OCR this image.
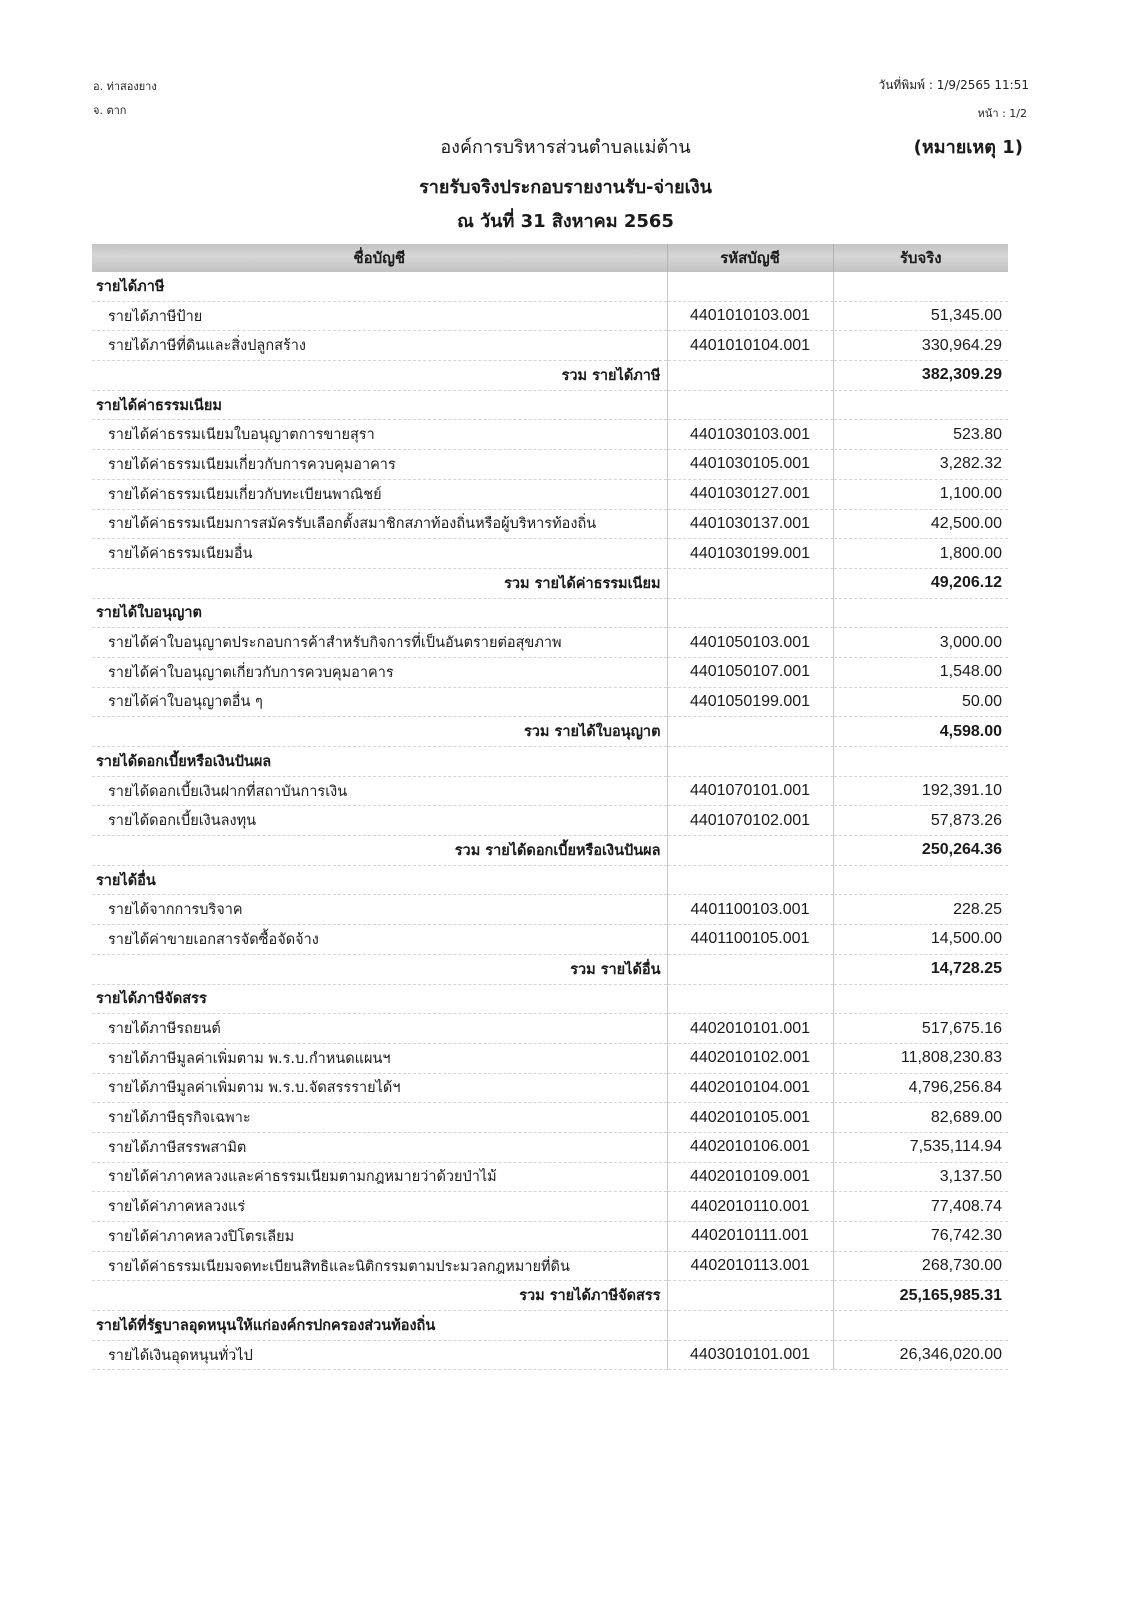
อ. ท่าสองยาง
จ. ตาก
วันที่พิมพ์ : 1/9/2565 11:51
หน้า : 1/2
องค์การบริหารส่วนตำบลแม่ต้าน	(หมายเหตุ 1)
รายรับจริงประกอบรายงานรับ-จ่ายเงิน
ณ วันที่ 31 สิงหาคม 2565
ชื่อบัญชี	รหัสบัญชี	รับจริง
รายได้ภาษี		
รายได้ภาษีป้าย	4401010103.001	51,345.00
รายได้ภาษีที่ดินและสิ่งปลูกสร้าง	4401010104.001	330,964.29
รวม รายได้ภาษี		382,309.29
รายได้ค่าธรรมเนียม		
รายได้ค่าธรรมเนียมใบอนุญาตการขายสุรา	4401030103.001	523.80
รายได้ค่าธรรมเนียมเกี่ยวกับการควบคุมอาคาร	4401030105.001	3,282.32
รายได้ค่าธรรมเนียมเกี่ยวกับทะเบียนพาณิชย์	4401030127.001	1,100.00
รายได้ค่าธรรมเนียมการสมัครรับเลือกตั้งสมาชิกสภาท้องถิ่นหรือผู้บริหารท้องถิ่น	4401030137.001	42,500.00
รายได้ค่าธรรมเนียมอื่น	4401030199.001	1,800.00
รวม รายได้ค่าธรรมเนียม		49,206.12
รายได้ใบอนุญาต		
รายได้ค่าใบอนุญาตประกอบการค้าสำหรับกิจการที่เป็นอันตรายต่อสุขภาพ	4401050103.001	3,000.00
รายได้ค่าใบอนุญาตเกี่ยวกับการควบคุมอาคาร	4401050107.001	1,548.00
รายได้ค่าใบอนุญาตอื่น ๆ	4401050199.001	50.00
รวม รายได้ใบอนุญาต		4,598.00
รายได้ดอกเบี้ยหรือเงินปันผล		
รายได้ดอกเบี้ยเงินฝากที่สถาบันการเงิน	4401070101.001	192,391.10
รายได้ดอกเบี้ยเงินลงทุน	4401070102.001	57,873.26
รวม รายได้ดอกเบี้ยหรือเงินปันผล		250,264.36
รายได้อื่น		
รายได้จากการบริจาค	4401100103.001	228.25
รายได้ค่าขายเอกสารจัดซื้อจัดจ้าง	4401100105.001	14,500.00
รวม รายได้อื่น		14,728.25
รายได้ภาษีจัดสรร		
รายได้ภาษีรถยนต์	4402010101.001	517,675.16
รายได้ภาษีมูลค่าเพิ่มตาม พ.ร.บ.กำหนดแผนฯ	4402010102.001	11,808,230.83
รายได้ภาษีมูลค่าเพิ่มตาม พ.ร.บ.จัดสรรรายได้ฯ	4402010104.001	4,796,256.84
รายได้ภาษีธุรกิจเฉพาะ	4402010105.001	82,689.00
รายได้ภาษีสรรพสามิต	4402010106.001	7,535,114.94
รายได้ค่าภาคหลวงและค่าธรรมเนียมตามกฎหมายว่าด้วยป่าไม้	4402010109.001	3,137.50
รายได้ค่าภาคหลวงแร่	4402010110.001	77,408.74
รายได้ค่าภาคหลวงปิโตรเลียม	4402010111.001	76,742.30
รายได้ค่าธรรมเนียมจดทะเบียนสิทธิและนิติกรรมตามประมวลกฎหมายที่ดิน	4402010113.001	268,730.00
รวม รายได้ภาษีจัดสรร		25,165,985.31
รายได้ที่รัฐบาลอุดหนุนให้แก่องค์กรปกครองส่วนท้องถิ่น		
รายได้เงินอุดหนุนทั่วไป	4403010101.001	26,346,020.00
